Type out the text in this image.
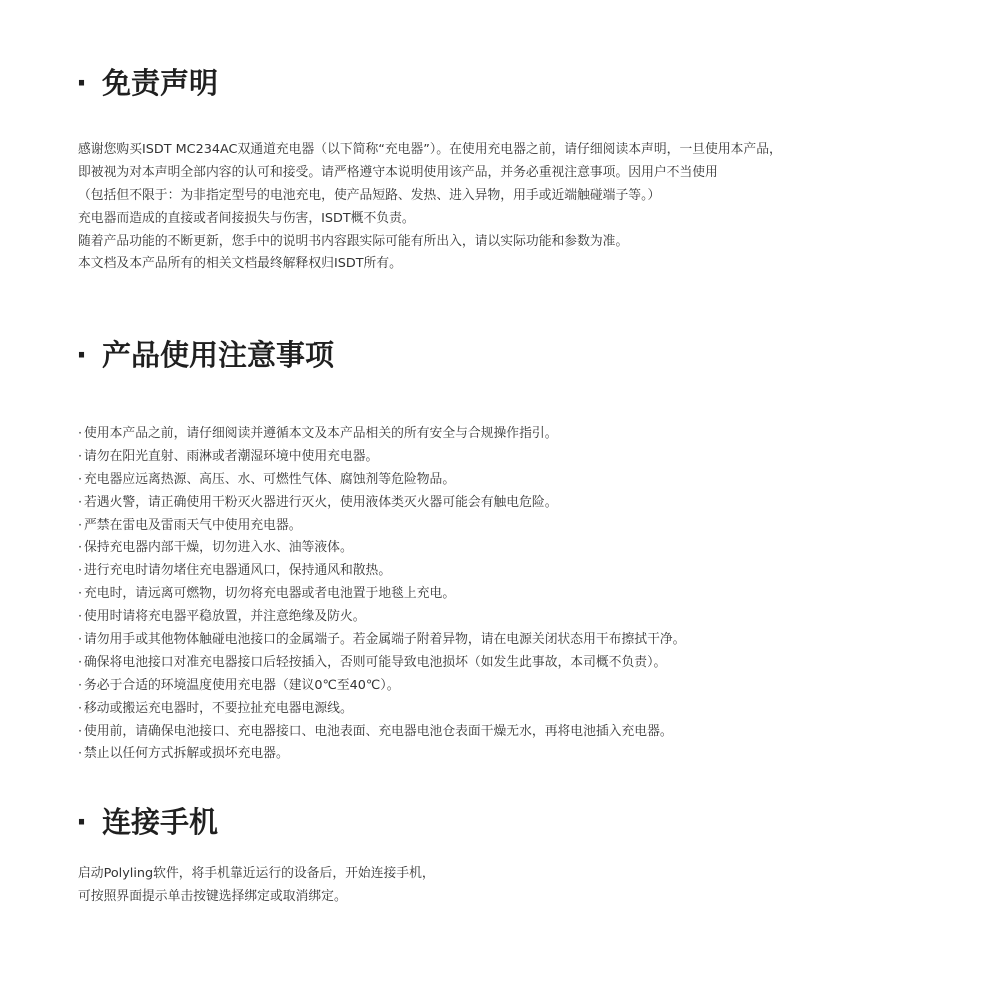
· 免责声明
感谢您购买ISDT MC234AC双通道充电器（以下简称“充电器”）。在使用充电器之前，请仔细阅读本声明，一旦使用本产品，
即被视为对本声明全部内容的认可和接受。请严格遵守本说明使用该产品，并务必重视注意事项。因用户不当使用
（包括但不限于：为非指定型号的电池充电，使产品短路、发热、进入异物，用手或近端触碰端子等。）
充电器而造成的直接或者间接损失与伤害，ISDT概不负责。
随着产品功能的不断更新，您手中的说明书内容跟实际可能有所出入，请以实际功能和参数为准。
本文档及本产品所有的相关文档最终解释权归ISDT所有。
· 产品使用注意事项
· 使用本产品之前，请仔细阅读并遵循本文及本产品相关的所有安全与合规操作指引。
· 请勿在阳光直射、雨淋或者潮湿环境中使用充电器。
· 充电器应远离热源、高压、水、可燃性气体、腐蚀剂等危险物品。
· 若遇火警，请正确使用干粉灭火器进行灭火，使用液体类灭火器可能会有触电危险。
· 严禁在雷电及雷雨天气中使用充电器。
· 保持充电器内部干燥，切勿进入水、油等液体。
· 进行充电时请勿堵住充电器通风口，保持通风和散热。
· 充电时，请远离可燃物，切勿将充电器或者电池置于地毯上充电。
· 使用时请将充电器平稳放置，并注意绝缘及防火。
· 请勿用手或其他物体触碰电池接口的金属端子。若金属端子附着异物，请在电源关闭状态用干布擦拭干净。
· 确保将电池接口对准充电器接口后轻按插入，否则可能导致电池损坏（如发生此事故，本司概不负责）。
· 务必于合适的环境温度使用充电器（建议0℃至40℃）。
· 移动或搬运充电器时，不要拉扯充电器电源线。
· 使用前，请确保电池接口、充电器接口、电池表面、充电器电池仓表面干燥无水，再将电池插入充电器。
· 禁止以任何方式拆解或损坏充电器。
· 连接手机
启动Polyling软件，将手机靠近运行的设备后，开始连接手机，
可按照界面提示单击按键选择绑定或取消绑定。
